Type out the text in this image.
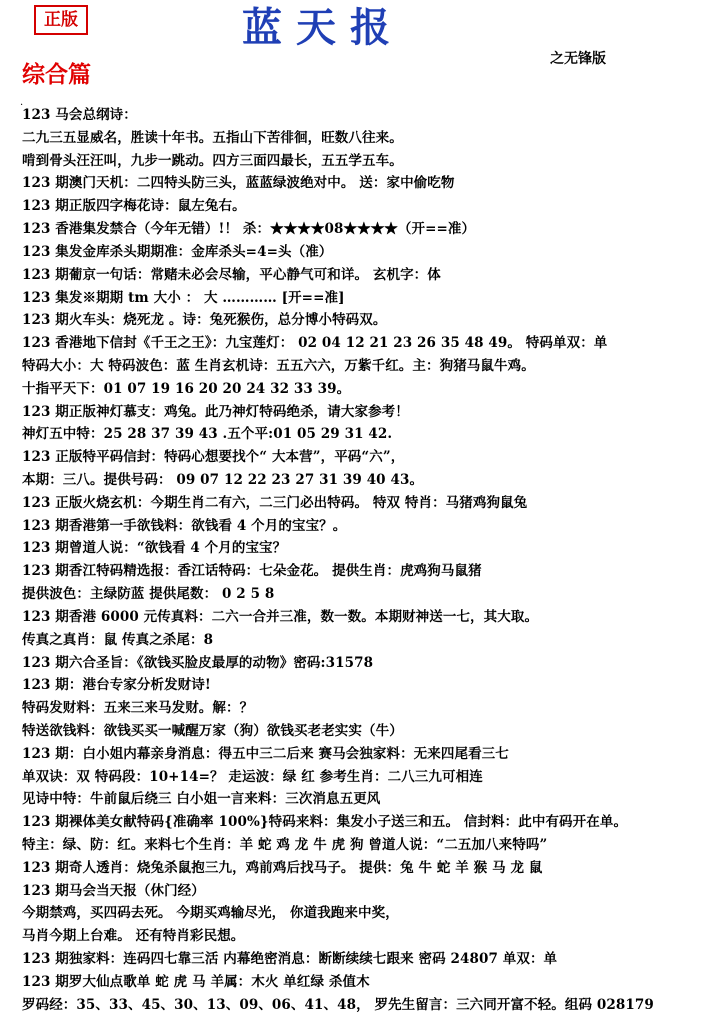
正版	蓝天报
之无锋版
综合篇
.
123 马会总纲诗：
二九三五显威名，胜读十年书。五指山下苦徘徊，旺数八往来。
啃到骨头汪汪叫，九步一跳动。四方三面四最长，五五学五车。
123 期澳门天机：二四特头防三头，蓝蓝绿波绝对中。 送：家中偷吃物
123 期正版四字梅花诗：鼠左兔右。
123 香港集发禁合（今年无错）!！ 杀：★★★★08★★★★（开==准）
123 集发金库杀头期期准：金库杀头=4=头（准）
123 期葡京一句话：常赌未必会尽输，平心静气可和详。 玄机字：体
123 集发※期期 tm 大小 ： 大 ………… [开==准]
123 期火车头：烧死龙 。诗：兔死猴伤，总分博小特码双。
123 香港地下信封《千王之王》：九宝莲灯： 02 04 12 21 23 26 35 48 49。 特码单双：单
特码大小：大 特码波色：蓝 生肖玄机诗：五五六六，万紫千红。主：狗猪马鼠牛鸡。
十指平天下：01 07 19 16 20 20 24 32 33 39。
123 期正版神灯慕支：鸡兔。此乃神灯特码绝杀，请大家参考！
神灯五中特：25 28 37 39 43 .五个平:01 05 29 31 42.
123 正版特平码信封：特码心想要找个“ 大本营”，平码“六”，
本期：三八。提供号码： 09 07 12 22 23 27 31 39 40 43。
123 正版火烧玄机：今期生肖二有六，二三门必出特码。 特双 特肖：马猪鸡狗鼠兔
123 期香港第一手欲钱料：欲钱看 4 个月的宝宝？。
123 期曾道人说：“欲钱看 4 个月的宝宝？
123 期香江特码精选报：香江话特码：七朵金花。 提供生肖：虎鸡狗马鼠猪
提供波色：主绿防蓝 提供尾数： 0 2 5 8
123 期香港 6000 元传真料：二六一合并三准，数一数。本期财神送一七，其大取。
传真之真肖：鼠 传真之杀尾：8
123 期六合圣旨：《欲钱买脸皮最厚的动物》密码:31578
123 期：港台专家分析发财诗!
特码发财料：五来三来马发财。解：？
特送欲钱料：欲钱买买一喊醒万家（狗）欲钱买老老实实（牛）
123 期：白小姐内幕亲身消息：得五中三二后来 赛马会独家料：无来四尾看三七
单双诀：双 特码段：10+14=？ 走运波：绿 红 参考生肖：二八三九可相连
见诗中特：牛前鼠后绕三 白小姐一言来料：三次消息五更风
123 期裸体美女献特码{准确率 100%}特码来料：集发小子送三和五。 信封料：此中有码开在单。
特主：绿、防：红。来料七个生肖：羊 蛇 鸡 龙 牛 虎 狗 曾道人说：“二五加八来特吗”
123 期奇人透肖：烧兔杀鼠抱三九，鸡前鸡后找马子。 提供：兔 牛 蛇 羊 猴 马 龙 鼠
123 期马会当天报（休门经）
今期禁鸡，买四码去死。 今期买鸡输尽光， 你道我跑来中奖，
马肖今期上台难。 还有特肖彩民想。
123 期独家料：连码四七靠三活 内幕绝密消息：断断续续七跟来 密码 24807 单双：单
123 期罗大仙点歌单 蛇 虎 马 羊属：木火 单红绿 杀值木
罗码经：35、33、45、30、13、09、06、41、48， 罗先生留言：三六同开富不轻。组码 028179
